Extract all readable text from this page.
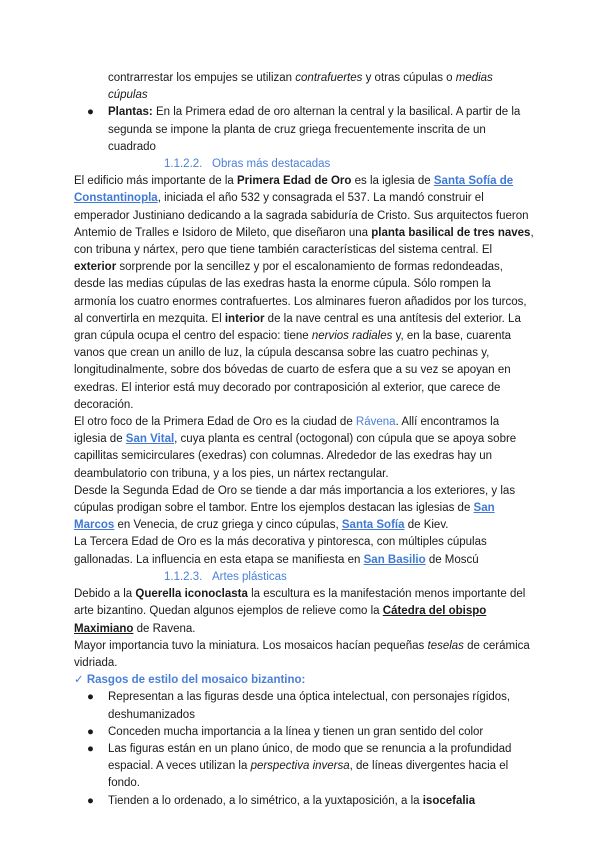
contrarrestar los empujes se utilizan contrafuertes y otras cúpulas o medias cúpulas

● Plantas: En la Primera edad de oro alternan la central y la basilical. A partir de la segunda se impone la planta de cruz griega frecuentemente inscrita de un cuadrado

1.1.2.2. Obras más destacadas

El edificio más importante de la Primera Edad de Oro es la iglesia de Santa Sofía de Constantinopla, iniciada el año 532 y consagrada el 537. La mandó construir el emperador Justiniano dedicando a la sagrada sabiduría de Cristo. Sus arquitectos fueron Antemio de Tralles e Isidoro de Mileto, que diseñaron una planta basilical de tres naves, con tribuna y nártex, pero que tiene también características del sistema central. El exterior sorprende por la sencillez y por el escalonamiento de formas redondeadas, desde las medias cúpulas de las exedras hasta la enorme cúpula. Sólo rompen la armonía los cuatro enormes contrafuertes. Los alminares fueron añadidos por los turcos, al convertirla en mezquita. El interior de la nave central es una antítesis del exterior. La gran cúpula ocupa el centro del espacio: tiene nervios radiales y, en la base, cuarenta vanos que crean un anillo de luz, la cúpula descansa sobre las cuatro pechinas y, longitudinalmente, sobre dos bóvedas de cuarto de esfera que a su vez se apoyan en exedras. El interior está muy decorado por contraposición al exterior, que carece de decoración.

El otro foco de la Primera Edad de Oro es la ciudad de Rávena. Allí encontramos la iglesia de San Vital, cuya planta es central (octogonal) con cúpula que se apoya sobre capillitas semicirculares (exedras) con columnas. Alrededor de las exedras hay un deambulatorio con tribuna, y a los pies, un nártex rectangular.

Desde la Segunda Edad de Oro se tiende a dar más importancia a los exteriores, y las cúpulas prodigan sobre el tambor. Entre los ejemplos destacan las iglesias de San Marcos en Venecia, de cruz griega y cinco cúpulas, Santa Sofía de Kiev.

La Tercera Edad de Oro es la más decorativa y pintoresca, con múltiples cúpulas gallonadas. La influencia en esta etapa se manifiesta en San Basilio de Moscú

1.1.2.3. Artes plásticas

Debido a la Querella iconoclasta la escultura es la manifestación menos importante del arte bizantino. Quedan algunos ejemplos de relieve como la Cátedra del obispo Maximiano de Ravena.

Mayor importancia tuvo la miniatura. Los mosaicos hacían pequeñas teselas de cerámica vidriada.

✓ Rasgos de estilo del mosaico bizantino:

● Representan a las figuras desde una óptica intelectual, con personajes rígidos, deshumanizados

● Conceden mucha importancia a la línea y tienen un gran sentido del color

● Las figuras están en un plano único, de modo que se renuncia a la profundidad espacial. A veces utilizan la perspectiva inversa, de líneas divergentes hacia el fondo.

● Tienden a lo ordenado, a lo simétrico, a la yuxtaposición, a la isocefalia
